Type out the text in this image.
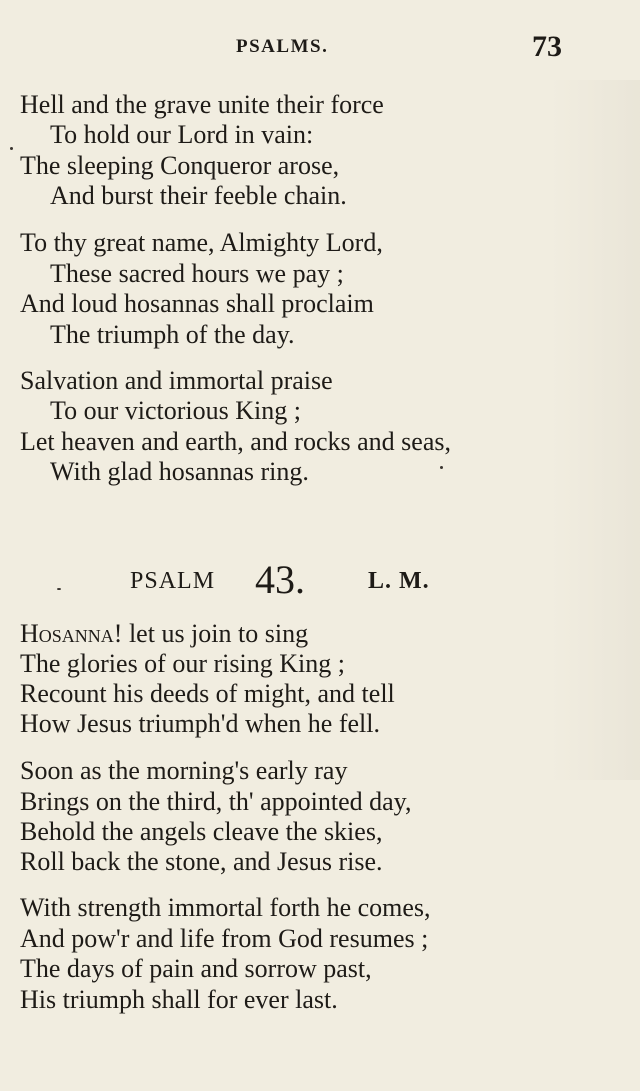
PSALMS.	73
Hell and the grave unite their force
To hold our Lord in vain:
The sleeping Conqueror arose,
And burst their feeble chain.
To thy great name, Almighty Lord,
These sacred hours we pay ;
And loud hosannas shall proclaim
The triumph of the day.
Salvation and immortal praise
To our victorious King ;
Let heaven and earth, and rocks and seas,
With glad hosannas ring.
PSALM 43.	L. M.
Hosanna! let us join to sing
The glories of our rising King ;
Recount his deeds of might, and tell
How Jesus triumph'd when he fell.
Soon as the morning's early ray
Brings on the third, th' appointed day,
Behold the angels cleave the skies,
Roll back the stone, and Jesus rise.
With strength immortal forth he comes,
And pow'r and life from God resumes ;
The days of pain and sorrow past,
His triumph shall for ever last.
